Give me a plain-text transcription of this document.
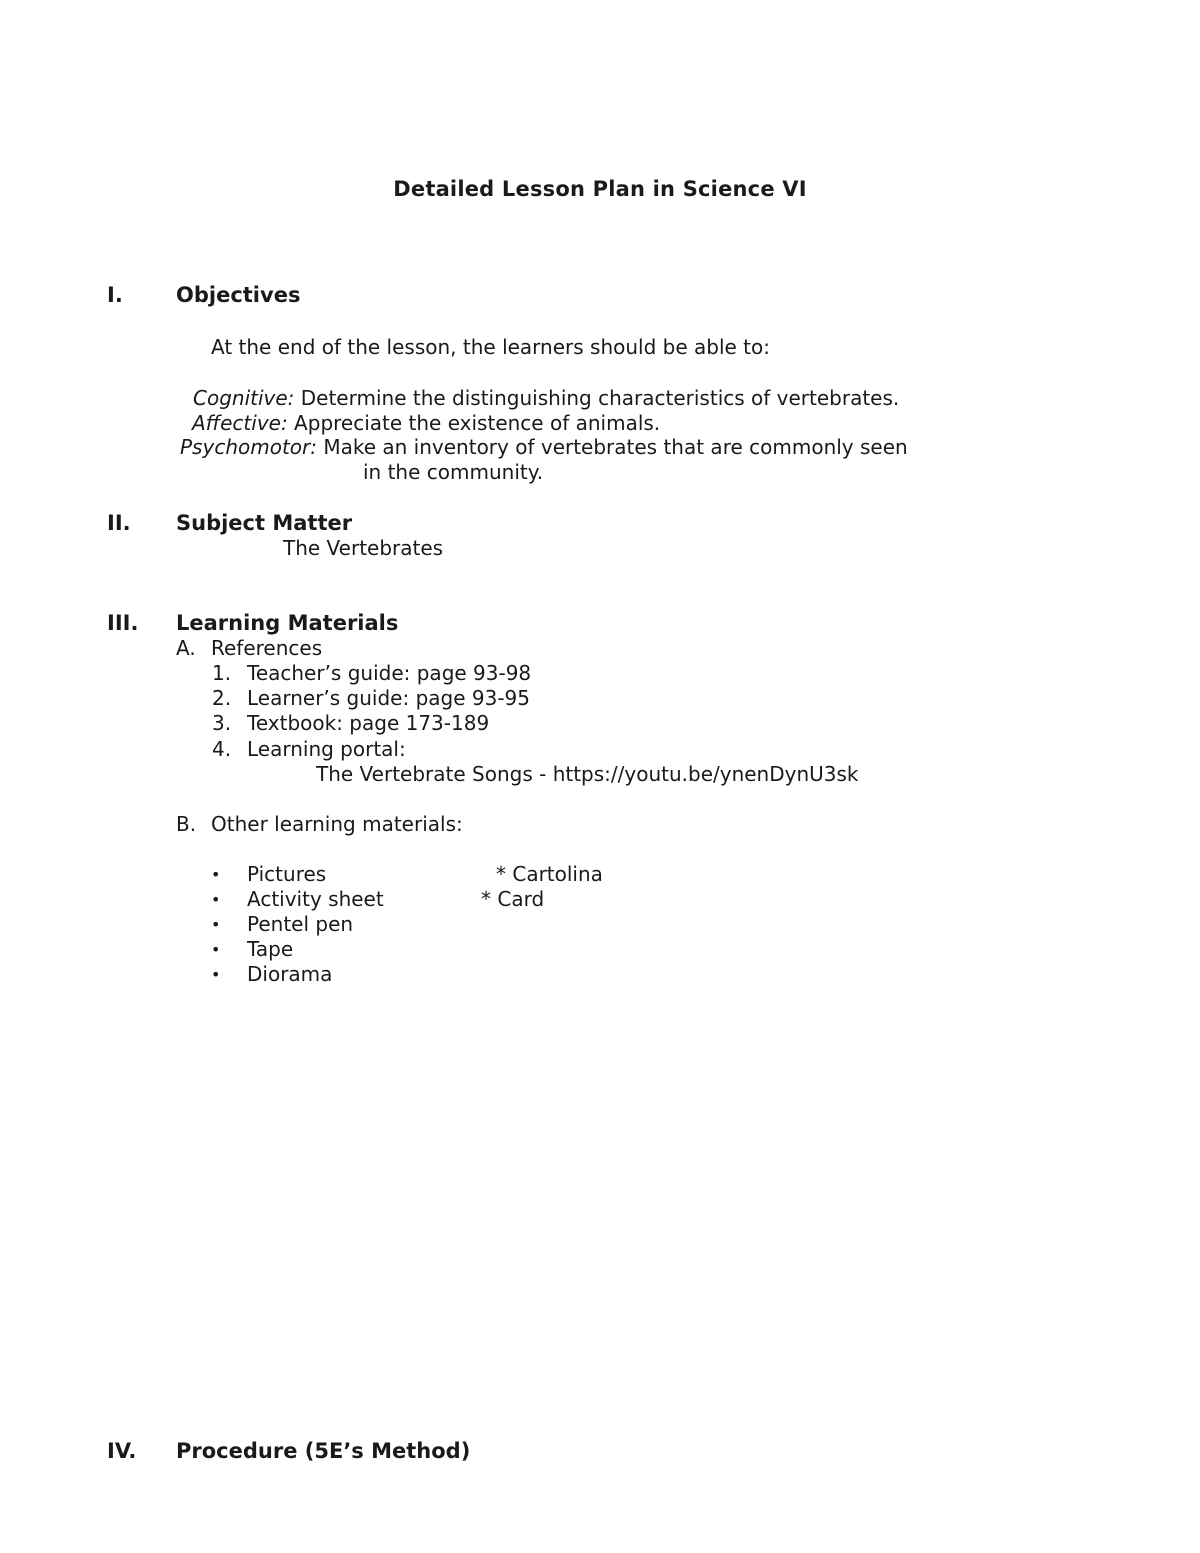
Detailed Lesson Plan in Science VI
I.	Objectives
At the end of the lesson, the learners should be able to:
Cognitive: Determine the distinguishing characteristics of vertebrates.
Affective: Appreciate the existence of animals.
Psychomotor: Make an inventory of vertebrates that are commonly seen
in the community.
II. Subject Matter
The Vertebrates
III. Learning Materials
A. References
1. Teacher’s guide: page 93-98
2. Learner’s guide: page 93-95
3. Textbook: page 173-189
4. Learning portal:
The Vertebrate Songs - https://youtu.be/ynenDynU3sk
B. Other learning materials:
• Pictures
• Activity sheet
• Pentel pen
• Tape
• Diorama
* Cartolina
* Card
IV. Procedure (5E’s Method)
